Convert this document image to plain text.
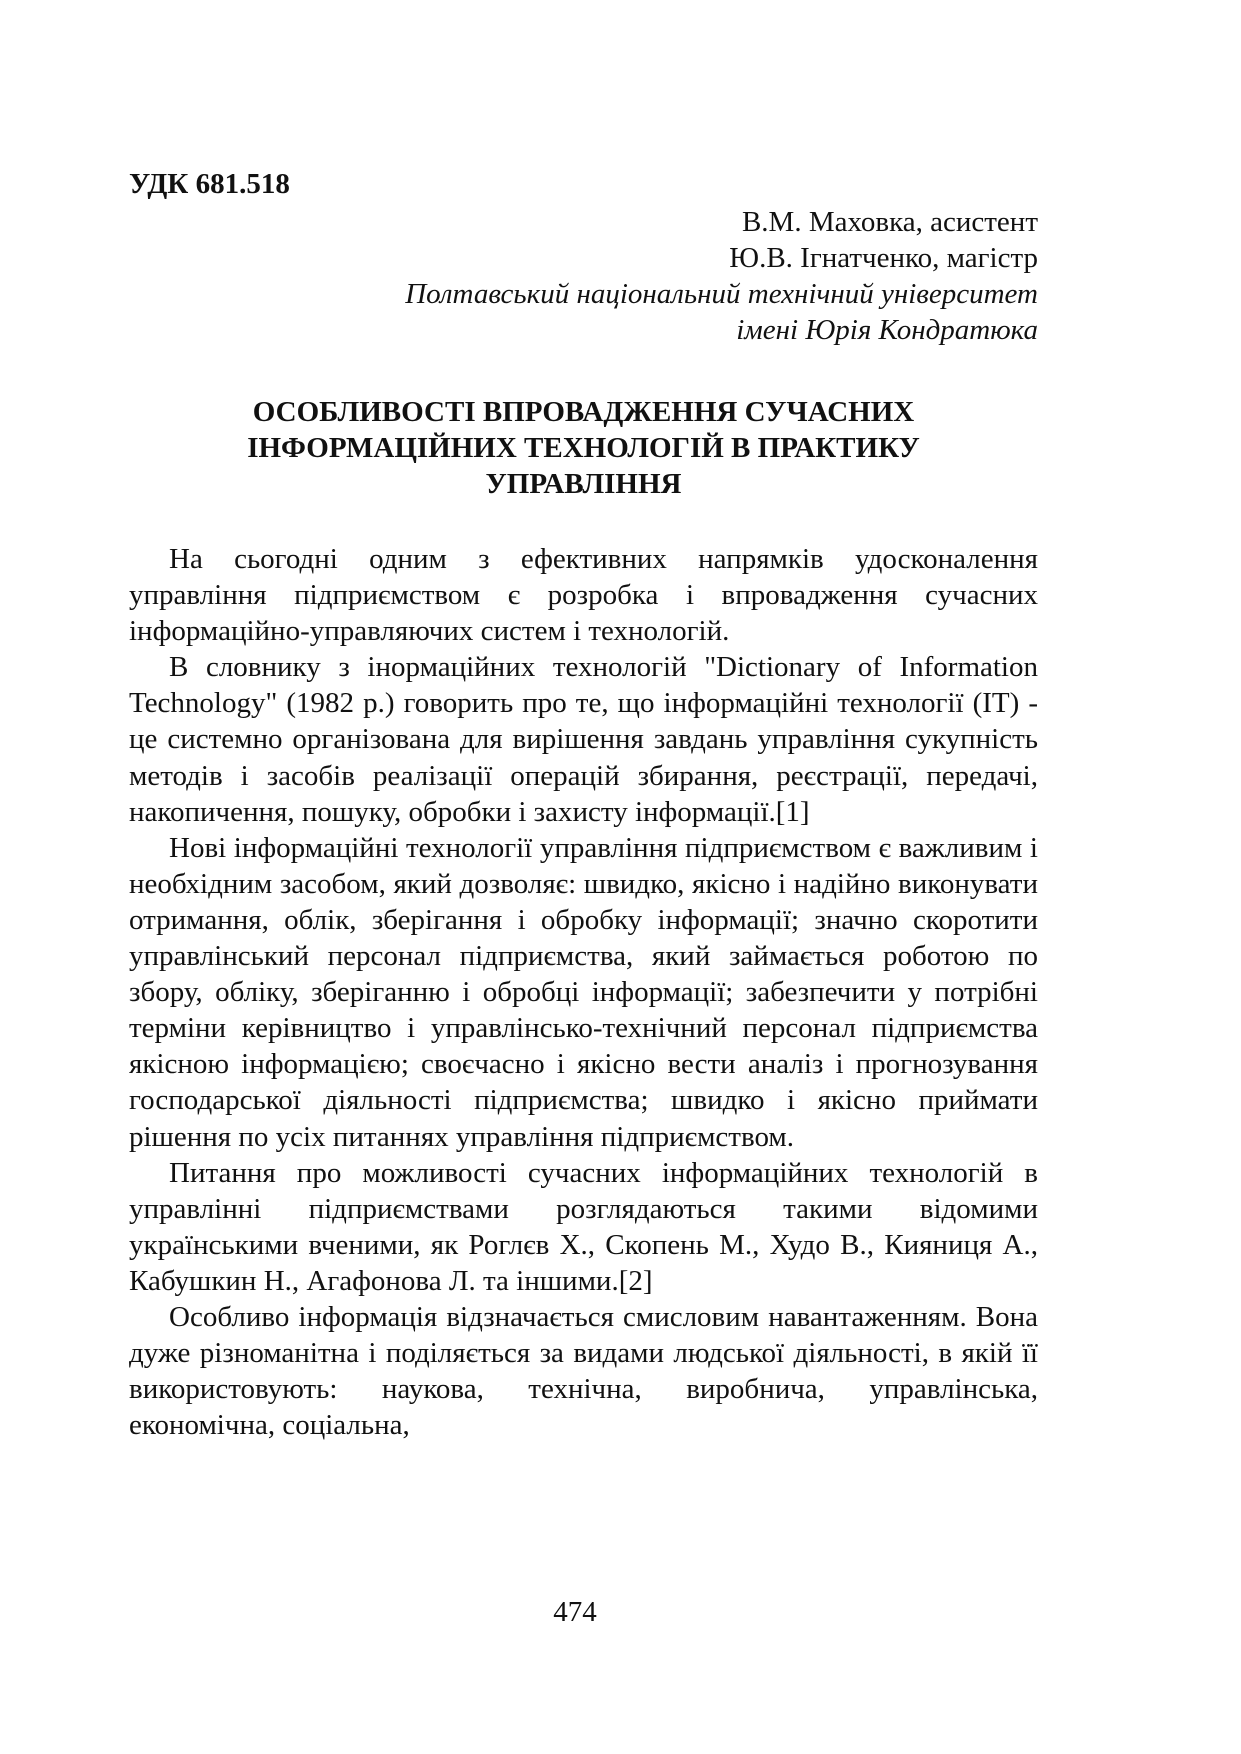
УДК 681.518
В.М. Маховка, асистент
Ю.В. Ігнатченко, магістр
Полтавський національний технічний університет
імені Юрія Кондратюка
ОСОБЛИВОСТІ ВПРОВАДЖЕННЯ СУЧАСНИХ
ІНФОРМАЦІЙНИХ ТЕХНОЛОГІЙ В ПРАКТИКУ
УПРАВЛІННЯ

На сьогодні одним з ефективних напрямків удосконалення управління підприємством є розробка і впровадження сучасних інформаційно-управляючих систем і технологій.

В словнику з інормаційних технологій "Dictionary of Information Technology" (1982 р.) говорить про те, що інформаційні технології (ІТ) - це системно організована для вирішення завдань управління сукупність методів і засобів реалізації операцій збирання, реєстрації, передачі, накопичення, пошуку, обробки і захисту інформації.[1]

Нові інформаційні технології управління підприємством є важливим і необхідним засобом, який дозволяє: швидко, якісно і надійно виконувати отримання, облік, зберігання і обробку інформації; значно скоротити управлінський персонал підприємства, який займається роботою по збору, обліку, зберіганню і обробці інформації; забезпечити у потрібні терміни керівництво і управлінсько-технічний персонал підприємства якісною інформацією; своєчасно і якісно вести аналіз і прогнозування господарської діяльності підприємства; швидко і якісно приймати рішення по усіх питаннях управління підприємством.

Питання про можливості сучасних інформаційних технологій в управлінні підприємствами розглядаються такими відомими українськими вченими, як Роглєв Х., Скопень М., Худо В., Кияниця А., Кабушкин Н., Агафонова Л. та іншими.[2]

Особливо інформація відзначається смисловим навантаженням. Вона дуже різноманітна і поділяється за видами людської діяльності, в якій її використовують: наукова, технічна, виробнича, управлінська, економічна, соціальна,

474
